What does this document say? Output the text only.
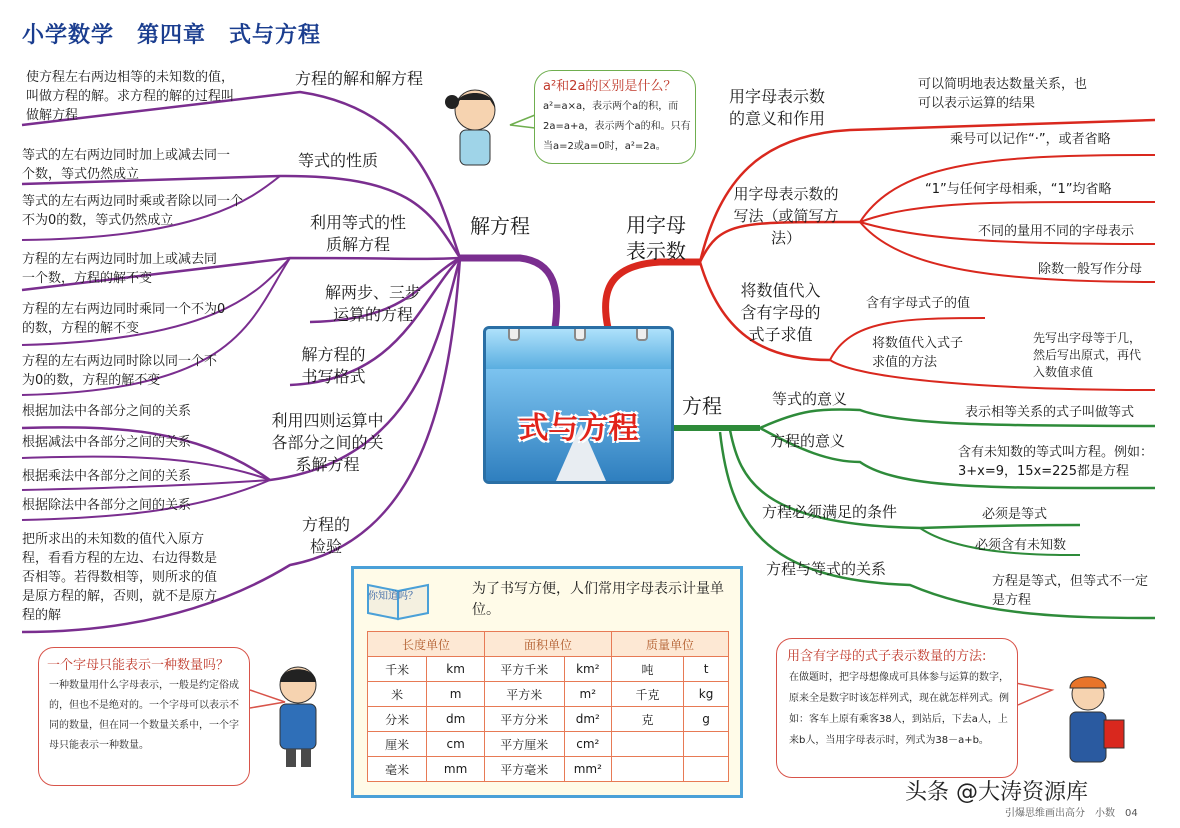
小学数学　第四章　式与方程
式与方程
解方程	用字母表示数
方程
方程的解和解方程
使方程左右两边相等的未知数的值，叫做方程的解。求方程的解的过程叫做解方程
等式的性质
等式的左右两边同时加上或减去同一个数，等式仍然成立
等式的左右两边同时乘或者除以同一个不为0的数，等式仍然成立	利用等式的性质解方程
方程的左右两边同时加上或减去同一个数，方程的解不变
方程的左右两边同时乘同一个不为0的数，方程的解不变
方程的左右两边同时除以同一个不为0的数，方程的解不变
解两步、三步运算的方程
解方程的书写格式
利用四则运算中各部分之间的关系解方程
根据加法中各部分之间的关系
根据减法中各部分之间的关系
根据乘法中各部分之间的关系
根据除法中各部分之间的关系
方程的检验
把所求出的未知数的值代入原方程，看看方程的左边、右边得数是否相等。若得数相等，则所求的值是原方程的解，否则，就不是原方程的解
用字母表示数的意义和作用
可以简明地表达数量关系，也可以表示运算的结果
用字母表示数的写法（或简写方法）
乘号可以记作“·”，或者省略
“1”与任何字母相乘，“1”均省略
不同的量用不同的字母表示
除数一般写作分母
将数值代入含有字母的式子求值
含有字母式子的值
将数值代入式子求值的方法
先写出字母等于几，然后写出原式，再代入数值求值
等式的意义
表示相等关系的式子叫做等式
方程的意义
含有未知数的等式叫方程。例如：3+x=9，15x=225都是方程
方程必须满足的条件	必须是等式
必须含有未知数
方程与等式的关系
方程是等式，但等式不一定是方程
a²和2a的区别是什么？
a²=a×a，表示两个a的积，而2a=a+a，表示两个a的和。只有当a=2或a=0时，a²=2a。
一个字母只能表示一种数量吗？
一种数量用什么字母表示，一般是约定俗成的，但也不是绝对的。一个字母可以表示不同的数量，但在同一个数量关系中，一个字母只能表示一种数量。
用含有字母的式子表示数量的方法:
在做题时，把字母想像成可具体参与运算的数字，原来全是数字时该怎样列式，现在就怎样列式。例如：客车上原有乘客38人，到站后，下去a人，上来b人，当用字母表示时，列式为38－a+b。
你知道吗？	为了书写方便，人们常用字母表示计量单位。
长度单位		面积单位		质量单位	
千米	km	平方千米	km²	吨	t
米	m	平方米	m²	千克	kg
分米	dm	平方分米	dm²	克	g
厘米	cm	平方厘米	cm²		
毫米	mm	平方毫米	mm²		
头条 @大涛资源库
引爆思维画出高分　小数　04
